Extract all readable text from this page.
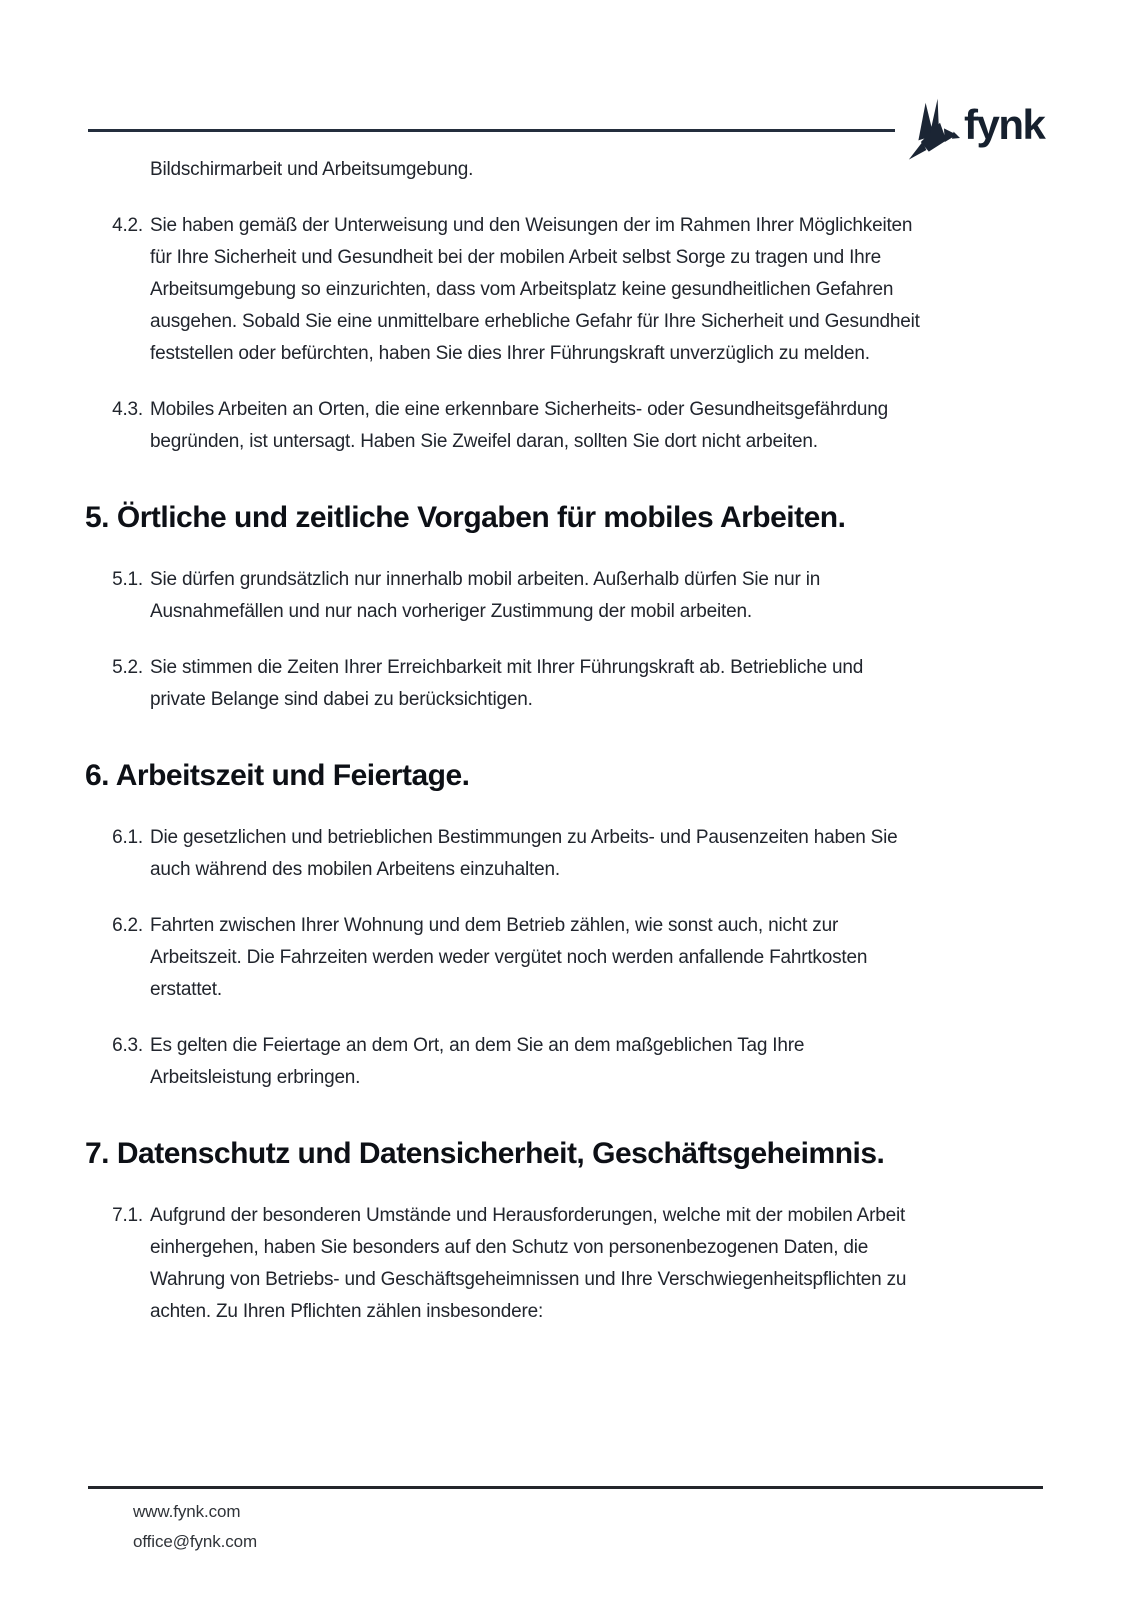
fynk
Bildschirmarbeit und Arbeitsumgebung.
4.2. Sie haben gemäß der Unterweisung und den Weisungen der im Rahmen Ihrer Möglichkeiten
für Ihre Sicherheit und Gesundheit bei der mobilen Arbeit selbst Sorge zu tragen und Ihre
Arbeitsumgebung so einzurichten, dass vom Arbeitsplatz keine gesundheitlichen Gefahren
ausgehen. Sobald Sie eine unmittelbare erhebliche Gefahr für Ihre Sicherheit und Gesundheit
feststellen oder befürchten, haben Sie dies Ihrer Führungskraft unverzüglich zu melden.
4.3. Mobiles Arbeiten an Orten, die eine erkennbare Sicherheits- oder Gesundheitsgefährdung
begründen, ist untersagt. Haben Sie Zweifel daran, sollten Sie dort nicht arbeiten.
5. Örtliche und zeitliche Vorgaben für mobiles Arbeiten.
5.1. Sie dürfen grundsätzlich nur innerhalb mobil arbeiten. Außerhalb dürfen Sie nur in
Ausnahmefällen und nur nach vorheriger Zustimmung der mobil arbeiten.
5.2. Sie stimmen die Zeiten Ihrer Erreichbarkeit mit Ihrer Führungskraft ab. Betriebliche und
private Belange sind dabei zu berücksichtigen.
6. Arbeitszeit und Feiertage.
6.1. Die gesetzlichen und betrieblichen Bestimmungen zu Arbeits- und Pausenzeiten haben Sie
auch während des mobilen Arbeitens einzuhalten.
6.2. Fahrten zwischen Ihrer Wohnung und dem Betrieb zählen, wie sonst auch, nicht zur
Arbeitszeit. Die Fahrzeiten werden weder vergütet noch werden anfallende Fahrtkosten
erstattet.
6.3. Es gelten die Feiertage an dem Ort, an dem Sie an dem maßgeblichen Tag Ihre
Arbeitsleistung erbringen.
7. Datenschutz und Datensicherheit, Geschäftsgeheimnis.
7.1. Aufgrund der besonderen Umstände und Herausforderungen, welche mit der mobilen Arbeit
einhergehen, haben Sie besonders auf den Schutz von personenbezogenen Daten, die
Wahrung von Betriebs- und Geschäftsgeheimnissen und Ihre Verschwiegenheitspflichten zu
achten. Zu Ihren Pflichten zählen insbesondere:
www.fynk.com
office@fynk.com
